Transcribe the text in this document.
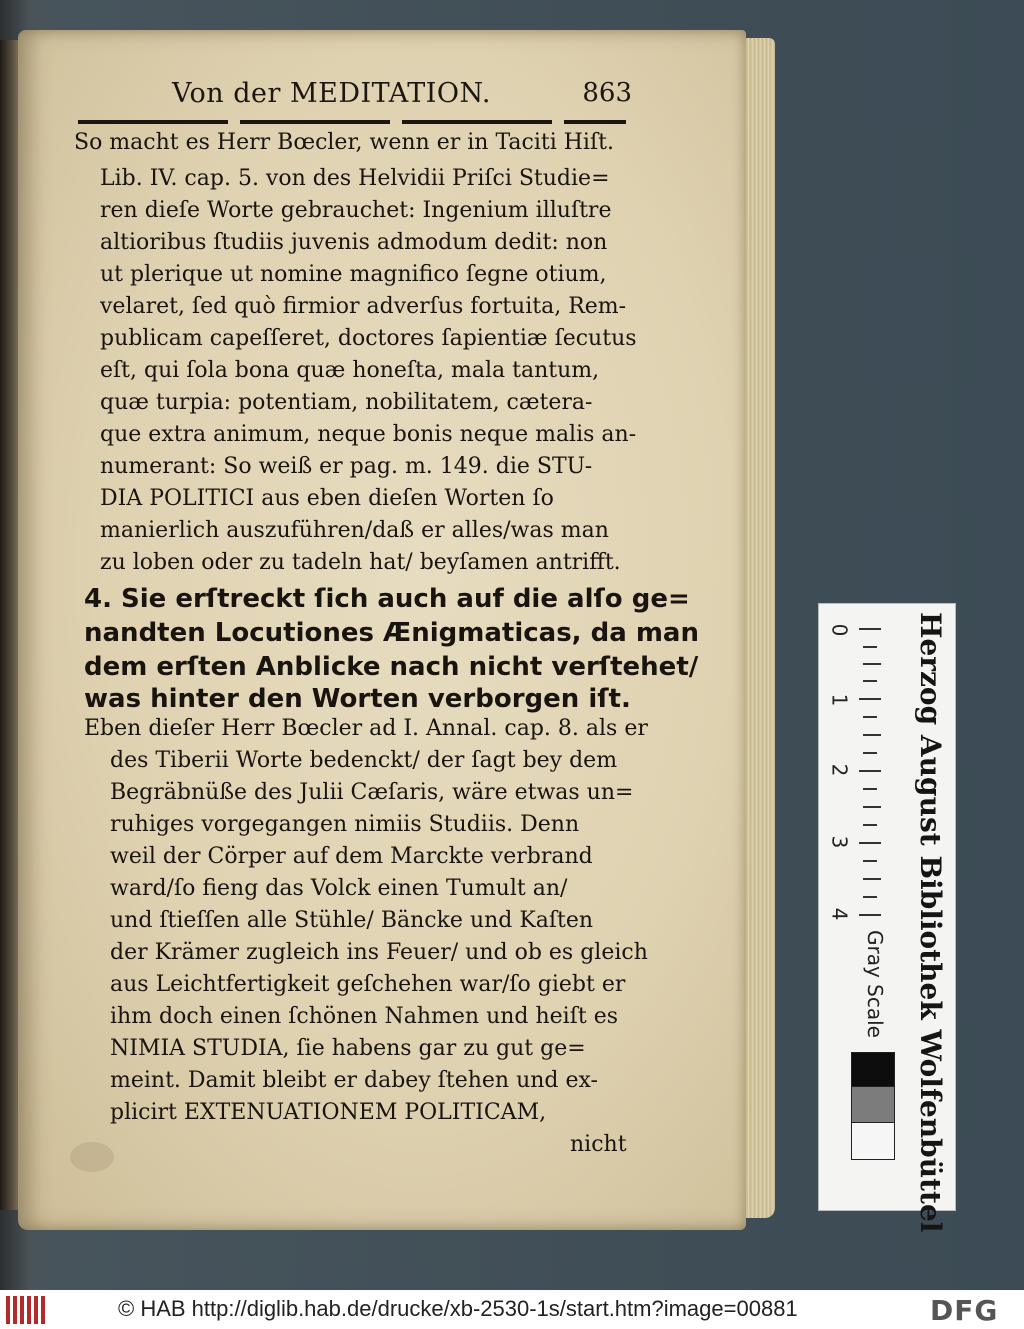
Von der MEDITATION.	863
So macht es Herr Bœcler, wenn er in Taciti Hiſt.
Lib. IV. cap. 5. von des Helvidii Priſci Studie=
ren dieſe Worte gebrauchet: Ingenium illuſtre
altioribus ſtudiis juvenis admodum dedit: non
ut plerique ut nomine magnifico ſegne otium,
velaret, ſed quò firmior adverſus fortuita, Rem-
publicam capeſſeret, doctores ſapientiæ ſecutus
eſt, qui ſola bona quæ honeſta, mala tantum,
quæ turpia: potentiam, nobilitatem, cætera-
que extra animum, neque bonis neque malis an-
numerant: So weiß er pag. m. 149. die STU-
DIA POLITICI aus eben dieſen Worten ſo
manierlich auszuführen/daß er alles/was man
zu loben oder zu tadeln hat/ beyſamen antrifft.
4. Sie erſtreckt ſich auch auf die alſo ge=
nandten Locutiones Ænigmaticas, da man
dem erſten Anblicke nach nicht verſtehet/
was hinter den Worten verborgen iſt.
Eben dieſer Herr Bœcler ad I. Annal. cap. 8. als er
des Tiberii Worte bedenckt/ der ſagt bey dem
Begräbnüße des Julii Cæſaris, wäre etwas un=
ruhiges vorgegangen nimiis Studiis. Denn
weil der Cörper auf dem Marckte verbrand
ward/ſo fieng das Volck einen Tumult an/
und ſtieſſen alle Stühle/ Bäncke und Kaſten
der Krämer zugleich ins Feuer/ und ob es gleich
aus Leichtfertigkeit geſchehen war/ſo giebt er
ihm doch einen ſchönen Nahmen und heiſt es
NIMIA STUDIA, ſie habens gar zu gut ge=
meint. Damit bleibt er dabey ſtehen und ex-
plicirt EXTENUATIONEM POLITICAM,
nicht
0
1
2
3
4	Herzog August Bibliothek Wolfenbüttel
Gray Scale
© HAB http://diglib.hab.de/drucke/xb-2530-1s/start.htm?image=00881	DFG
